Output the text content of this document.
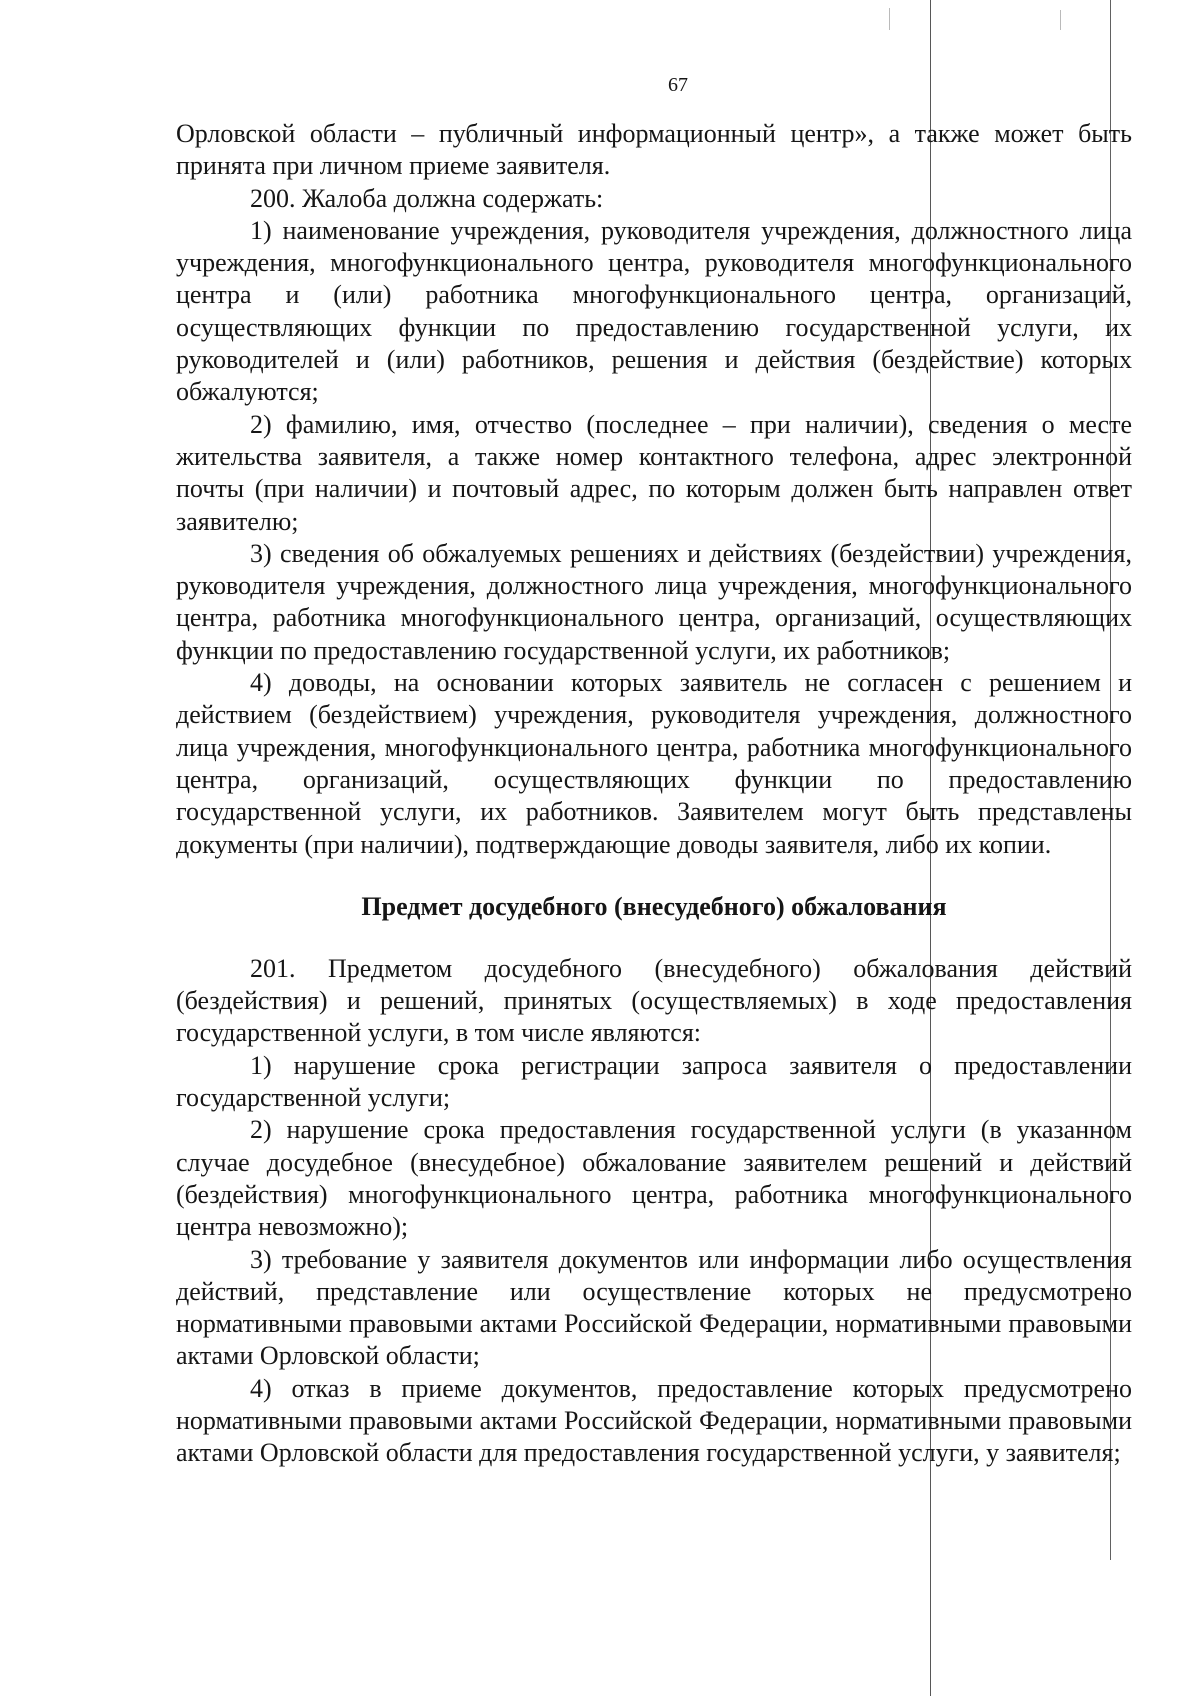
67

Орловской области – публичный информационный центр», а также может быть принята при личном приеме заявителя.

200. Жалоба должна содержать:

1) наименование учреждения, руководителя учреждения, должностного лица учреждения, многофункционального центра, руководителя многофункционального центра и (или) работника многофункционального центра, организаций, осуществляющих функции по предоставлению государственной услуги, их руководителей и (или) работников, решения и действия (бездействие) которых обжалуются;

2) фамилию, имя, отчество (последнее – при наличии), сведения о месте жительства заявителя, а также номер контактного телефона, адрес электронной почты (при наличии) и почтовый адрес, по которым должен быть направлен ответ заявителю;

3) сведения об обжалуемых решениях и действиях (бездействии) учреждения, руководителя учреждения, должностного лица учреждения, многофункционального центра, работника многофункционального центра, организаций, осуществляющих функции по предоставлению государственной услуги, их работников;

4) доводы, на основании которых заявитель не согласен с решением и действием (бездействием) учреждения, руководителя учреждения, должностного лица учреждения, многофункционального центра, работника многофункционального центра, организаций, осуществляющих функции по предоставлению государственной услуги, их работников. Заявителем могут быть представлены документы (при наличии), подтверждающие доводы заявителя, либо их копии.

Предмет досудебного (внесудебного) обжалования

201. Предметом досудебного (внесудебного) обжалования действий (бездействия) и решений, принятых (осуществляемых) в ходе предоставления государственной услуги, в том числе являются:

1) нарушение срока регистрации запроса заявителя о предоставлении государственной услуги;

2) нарушение срока предоставления государственной услуги (в указанном случае досудебное (внесудебное) обжалование заявителем решений и действий (бездействия) многофункционального центра, работника многофункционального центра невозможно);

3) требование у заявителя документов или информации либо осуществления действий, представление или осуществление которых не предусмотрено нормативными правовыми актами Российской Федерации, нормативными правовыми актами Орловской области;

4) отказ в приеме документов, предоставление которых предусмотрено нормативными правовыми актами Российской Федерации, нормативными правовыми актами Орловской области для предоставления государственной услуги, у заявителя;
